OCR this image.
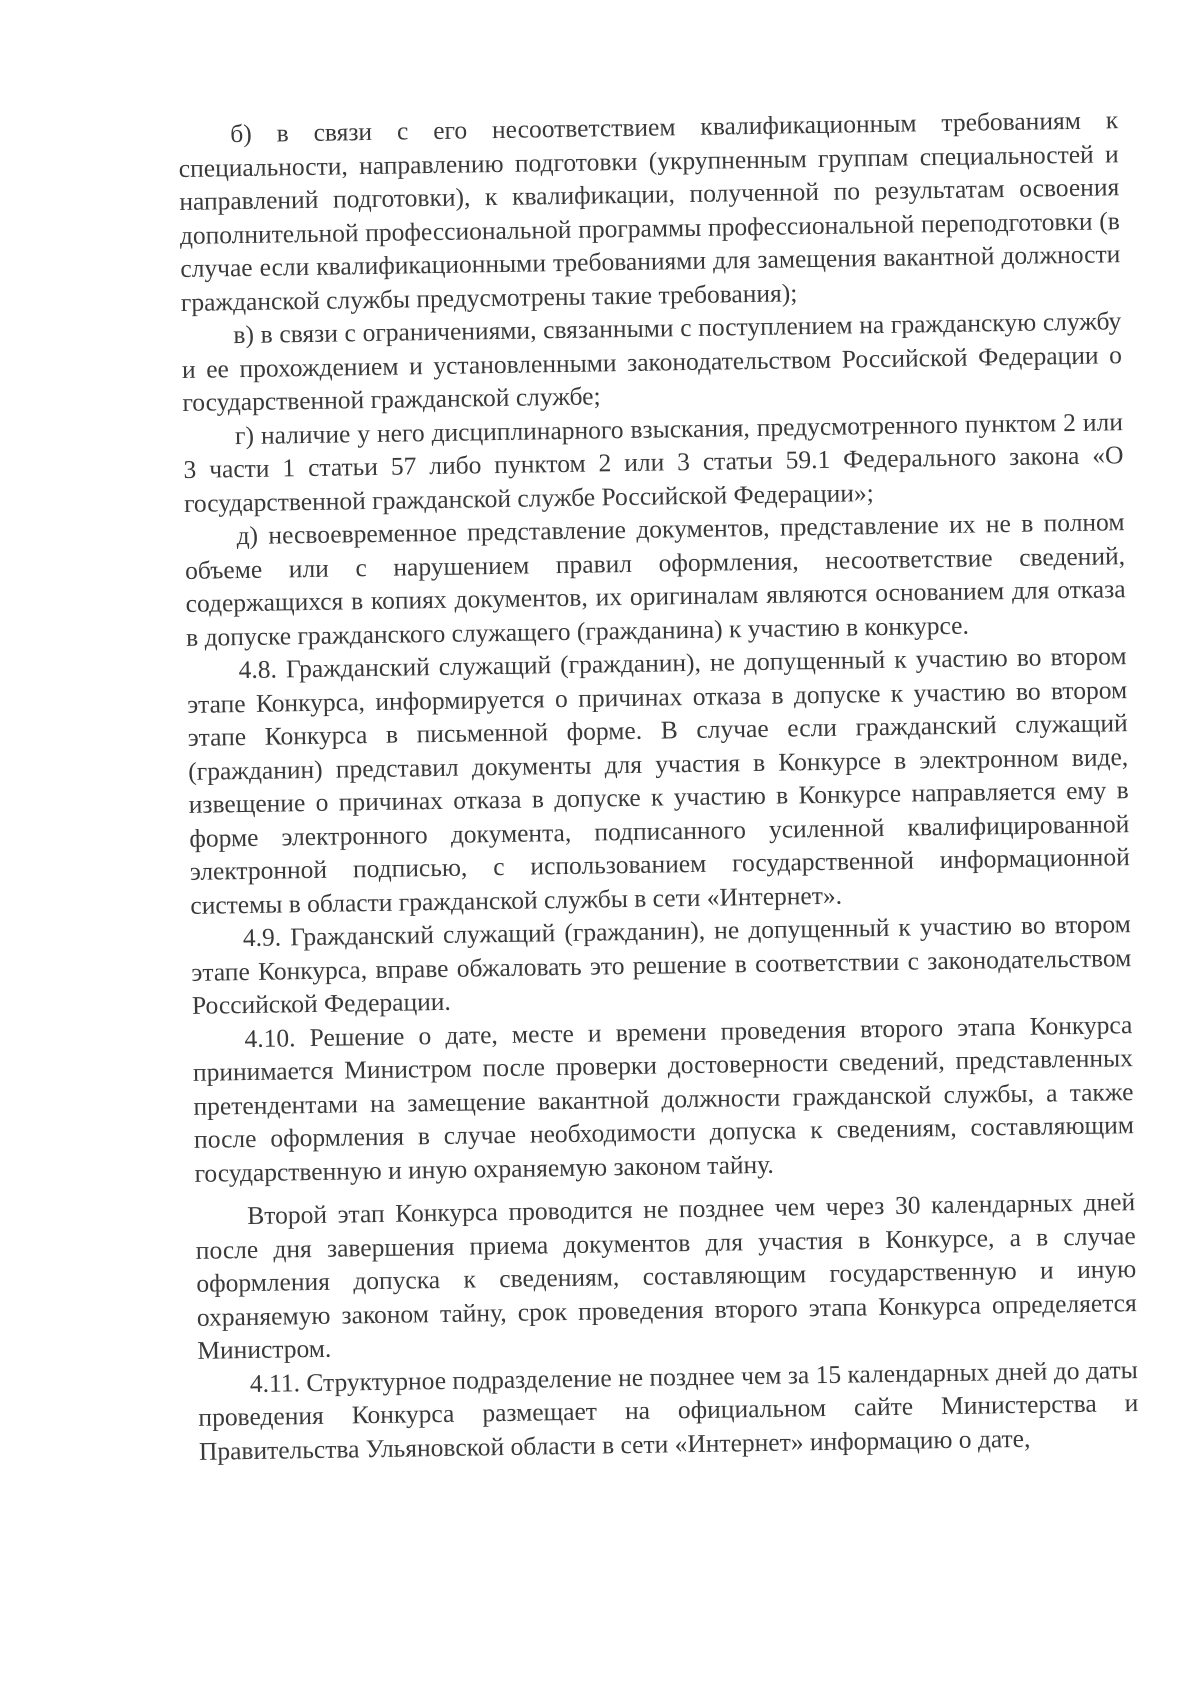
б) в связи с его несоответствием квалификационным требованиям к специальности, направлению подготовки (укрупненным группам специальностей и направлений подготовки), к квалификации, полученной по результатам освоения дополнительной профессиональной программы профессиональной переподготовки (в случае если квалификационными требованиями для замещения вакантной должности гражданской службы предусмотрены такие требования);

в) в связи с ограничениями, связанными с поступлением на гражданскую службу и ее прохождением и установленными законодательством Российской Федерации о государственной гражданской службе;

г) наличие у него дисциплинарного взыскания, предусмотренного пунктом 2 или 3 части 1 статьи 57 либо пунктом 2 или 3 статьи 59.1 Федерального закона «О государственной гражданской службе Российской Федерации»;

д) несвоевременное представление документов, представление их не в полном объеме или с нарушением правил оформления, несоответствие сведений, содержащихся в копиях документов, их оригиналам являются основанием для отказа в допуске гражданского служащего (гражданина) к участию в конкурсе.

4.8. Гражданский служащий (гражданин), не допущенный к участию во втором этапе Конкурса, информируется о причинах отказа в допуске к участию во втором этапе Конкурса в письменной форме. В случае если гражданский служащий (гражданин) представил документы для участия в Конкурсе в электронном виде, извещение о причинах отказа в допуске к участию в Конкурсе направляется ему в форме электронного документа, подписанного усиленной квалифицированной электронной подписью, с использованием государственной информационной системы в области гражданской службы в сети «Интернет».

4.9. Гражданский служащий (гражданин), не допущенный к участию во втором этапе Конкурса, вправе обжаловать это решение в соответствии с законодательством Российской Федерации.

4.10. Решение о дате, месте и времени проведения второго этапа Конкурса принимается Министром после проверки достоверности сведений, представленных претендентами на замещение вакантной должности гражданской службы, а также после оформления в случае необходимости допуска к сведениям, составляющим государственную и иную охраняемую законом тайну.

Второй этап Конкурса проводится не позднее чем через 30 календарных дней после дня завершения приема документов для участия в Конкурсе, а в случае оформления допуска к сведениям, составляющим государственную и иную охраняемую законом тайну, срок проведения второго этапа Конкурса определяется Министром.

4.11. Структурное подразделение не позднее чем за 15 календарных дней до даты проведения Конкурса размещает на официальном сайте Министерства и Правительства Ульяновской области в сети «Интернет» информацию о дате,
